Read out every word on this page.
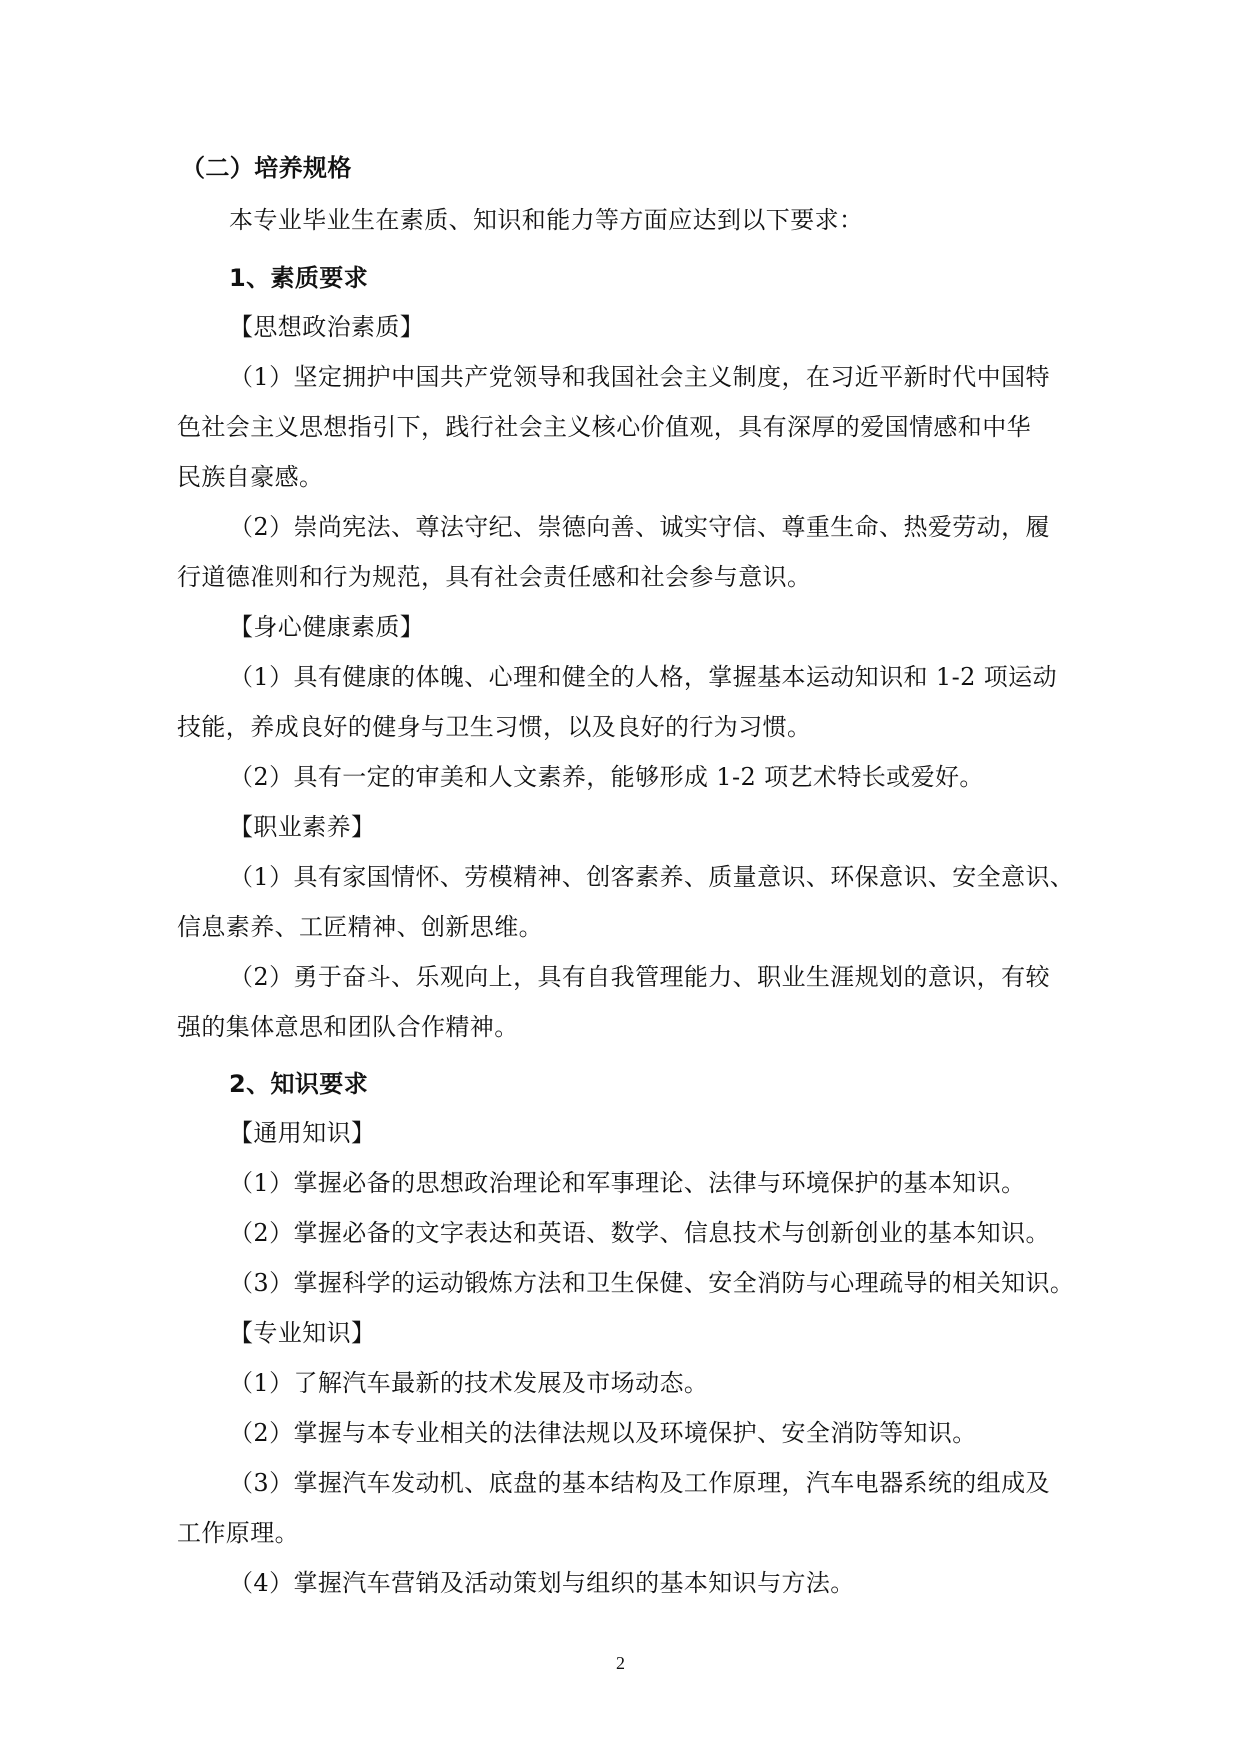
（二）培养规格
本专业毕业生在素质、知识和能力等方面应达到以下要求：
1、素质要求
【思想政治素质】
（1）坚定拥护中国共产党领导和我国社会主义制度，在习近平新时代中国特
色社会主义思想指引下，践行社会主义核心价值观，具有深厚的爱国情感和中华
民族自豪感。
（2）崇尚宪法、尊法守纪、崇德向善、诚实守信、尊重生命、热爱劳动，履
行道德准则和行为规范，具有社会责任感和社会参与意识。
【身心健康素质】
（1）具有健康的体魄、心理和健全的人格，掌握基本运动知识和 1-2 项运动
技能，养成良好的健身与卫生习惯，以及良好的行为习惯。
（2）具有一定的审美和人文素养，能够形成 1-2 项艺术特长或爱好。
【职业素养】
（1）具有家国情怀、劳模精神、创客素养、质量意识、环保意识、安全意识、
信息素养、工匠精神、创新思维。
（2）勇于奋斗、乐观向上，具有自我管理能力、职业生涯规划的意识，有较
强的集体意思和团队合作精神。
2、知识要求
【通用知识】
（1）掌握必备的思想政治理论和军事理论、法律与环境保护的基本知识。
（2）掌握必备的文字表达和英语、数学、信息技术与创新创业的基本知识。
（3）掌握科学的运动锻炼方法和卫生保健、安全消防与心理疏导的相关知识。
【专业知识】
（1）了解汽车最新的技术发展及市场动态。
（2）掌握与本专业相关的法律法规以及环境保护、安全消防等知识。
（3）掌握汽车发动机、底盘的基本结构及工作原理，汽车电器系统的组成及
工作原理。
（4）掌握汽车营销及活动策划与组织的基本知识与方法。
2
